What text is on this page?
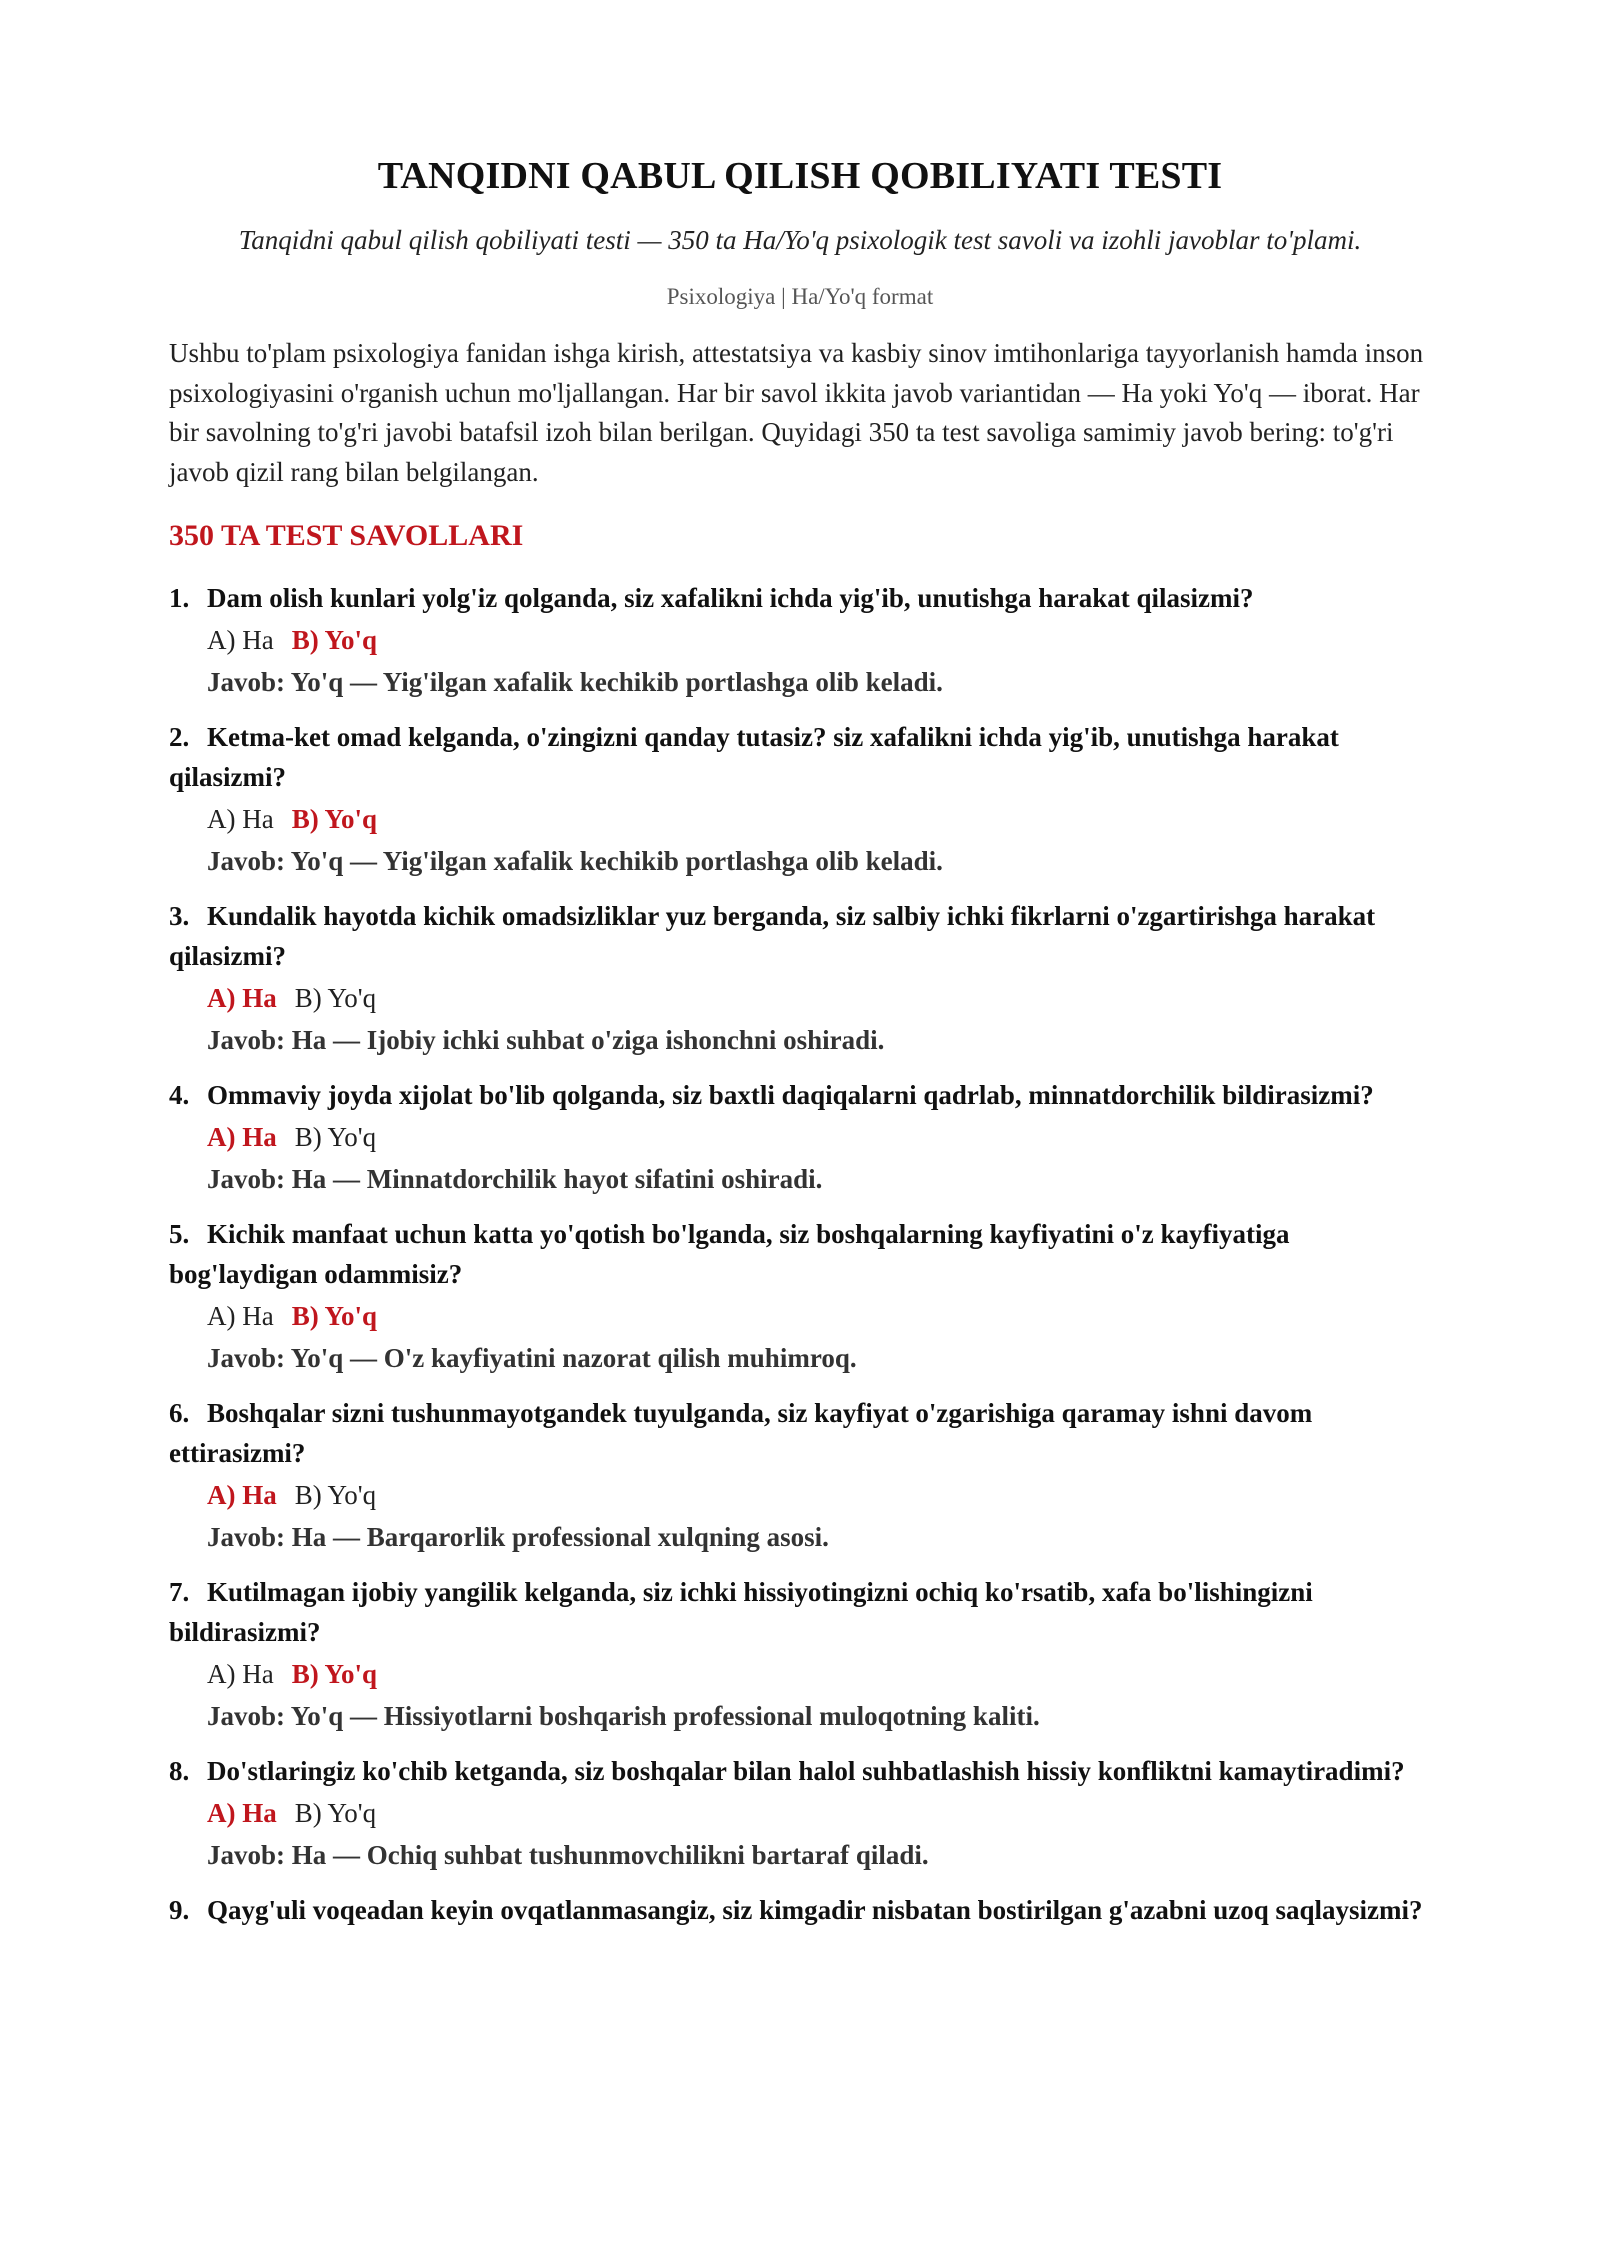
TANQIDNI QABUL QILISH QOBILIYATI TESTI

Tanqidni qabul qilish qobiliyati testi — 350 ta Ha/Yo'q psixologik test savoli va izohli javoblar to'plami.

Psixologiya | Ha/Yo'q format

Ushbu to'plam psixologiya fanidan ishga kirish, attestatsiya va kasbiy sinov imtihonlariga tayyorlanish hamda inson psixologiyasini o'rganish uchun mo'ljallangan. Har bir savol ikkita javob variantidan — Ha yoki Yo'q — iborat. Har bir savolning to'g'ri javobi batafsil izoh bilan berilgan. Quyidagi 350 ta test savoliga samimiy javob bering: to'g'ri javob qizil rang bilan belgilangan.

350 TA TEST SAVOLLARI
1. Dam olish kunlari yolg'iz qolganda, siz xafalikni ichda yig'ib, unutishga harakat qilasizmi?
A) Ha B) Yo'q
Javob: Yo'q — Yig'ilgan xafalik kechikib portlashga olib keladi.
2. Ketma-ket omad kelganda, o'zingizni qanday tutasiz? siz xafalikni ichda yig'ib, unutishga harakat qilasizmi?
A) Ha B) Yo'q
Javob: Yo'q — Yig'ilgan xafalik kechikib portlashga olib keladi.
3. Kundalik hayotda kichik omadsizliklar yuz berganda, siz salbiy ichki fikrlarni o'zgartirishga harakat qilasizmi?
A) Ha B) Yo'q
Javob: Ha — Ijobiy ichki suhbat o'ziga ishonchni oshiradi.
4. Ommaviy joyda xijolat bo'lib qolganda, siz baxtli daqiqalarni qadrlab, minnatdorchilik bildirasizmi?
A) Ha B) Yo'q
Javob: Ha — Minnatdorchilik hayot sifatini oshiradi.
5. Kichik manfaat uchun katta yo'qotish bo'lganda, siz boshqalarning kayfiyatini o'z kayfiyatiga bog'laydigan odammisiz?
A) Ha B) Yo'q
Javob: Yo'q — O'z kayfiyatini nazorat qilish muhimroq.
6. Boshqalar sizni tushunmayotgandek tuyulganda, siz kayfiyat o'zgarishiga qaramay ishni davom ettirasizmi?
A) Ha B) Yo'q
Javob: Ha — Barqarorlik professional xulqning asosi.
7. Kutilmagan ijobiy yangilik kelganda, siz ichki hissiyotingizni ochiq ko'rsatib, xafa bo'lishingizni bildirasizmi?
A) Ha B) Yo'q
Javob: Yo'q — Hissiyotlarni boshqarish professional muloqotning kaliti.
8. Do'stlaringiz ko'chib ketganda, siz boshqalar bilan halol suhbatlashish hissiy konfliktni kamaytiradimi?
A) Ha B) Yo'q
Javob: Ha — Ochiq suhbat tushunmovchilikni bartaraf qiladi.
9. Qayg'uli voqeadan keyin ovqatlanmasangiz, siz kimgadir nisbatan bostirilgan g'azabni uzoq saqlaysizmi?
